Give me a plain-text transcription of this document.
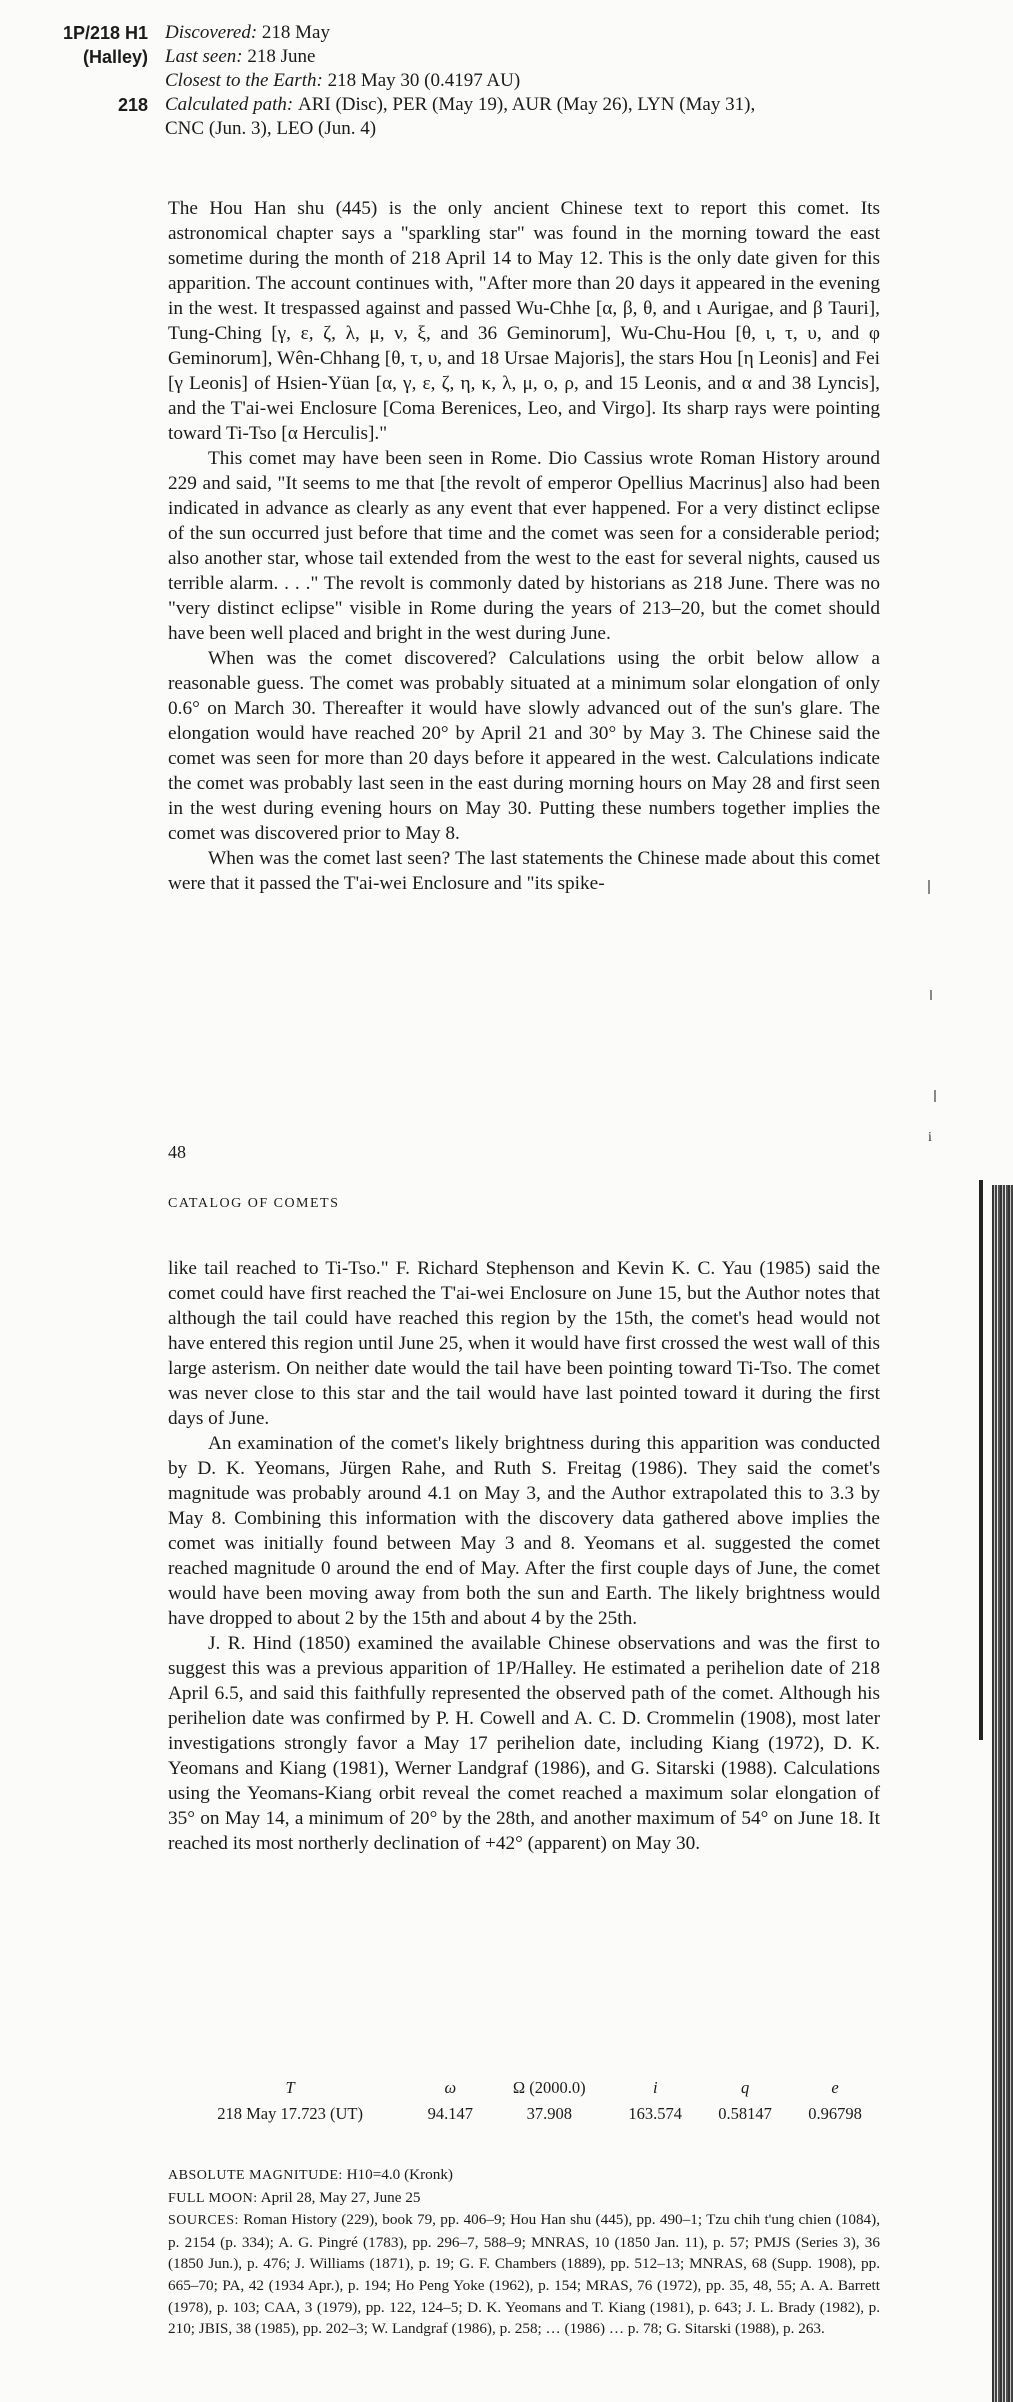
1P/218 H1 Discovered: 218 May
(Halley) Last seen: 218 June
Closest to the Earth: 218 May 30 (0.4197 AU)
218 Calculated path: ARI (Disc), PER (May 19), AUR (May 26), LYN (May 31),
CNC (Jun. 3), LEO (Jun. 4)

The Hou Han shu (445) is the only ancient Chinese text to report this comet. Its astronomical chapter says a "sparkling star" was found in the morning toward the east sometime during the month of 218 April 14 to May 12. This is the only date given for this apparition. The account continues with, "After more than 20 days it appeared in the evening in the west. It trespassed against and passed Wu-Chhe [α, β, θ, and ι Aurigae, and β Tauri], Tung-Ching [γ, ε, ζ, λ, μ, ν, ξ, and 36 Geminorum], Wu-Chu-Hou [θ, ι, τ, υ, and φ Geminorum], Wên-Chhang [θ, τ, υ, and 18 Ursae Majoris], the stars Hou [η Leonis] and Fei [γ Leonis] of Hsien-Yüan [α, γ, ε, ζ, η, κ, λ, μ, ο, ρ, and 15 Leonis, and α and 38 Lyncis], and the T'ai-wei Enclosure [Coma Berenices, Leo, and Virgo]. Its sharp rays were pointing toward Ti-Tso [α Herculis]."

This comet may have been seen in Rome. Dio Cassius wrote Roman History around 229 and said, "It seems to me that [the revolt of emperor Opellius Macrinus] also had been indicated in advance as clearly as any event that ever happened. For a very distinct eclipse of the sun occurred just before that time and the comet was seen for a considerable period; also another star, whose tail extended from the west to the east for several nights, caused us terrible alarm. . . ." The revolt is commonly dated by historians as 218 June. There was no "very distinct eclipse" visible in Rome during the years of 213–20, but the comet should have been well placed and bright in the west during June.

When was the comet discovered? Calculations using the orbit below allow a reasonable guess. The comet was probably situated at a minimum solar elongation of only 0.6° on March 30. Thereafter it would have slowly advanced out of the sun's glare. The elongation would have reached 20° by April 21 and 30° by May 3. The Chinese said the comet was seen for more than 20 days before it appeared in the west. Calculations indicate the comet was probably last seen in the east during morning hours on May 28 and first seen in the west during evening hours on May 30. Putting these numbers together implies the comet was discovered prior to May 8.

When was the comet last seen? The last statements the Chinese made about this comet were that it passed the T'ai-wei Enclosure and "its spike-

48
CATALOG OF COMETS

like tail reached to Ti-Tso." F. Richard Stephenson and Kevin K. C. Yau (1985) said the comet could have first reached the T'ai-wei Enclosure on June 15, but the Author notes that although the tail could have reached this region by the 15th, the comet's head would not have entered this region until June 25, when it would have first crossed the west wall of this large asterism. On neither date would the tail have been pointing toward Ti-Tso. The comet was never close to this star and the tail would have last pointed toward it during the first days of June.

An examination of the comet's likely brightness during this apparition was conducted by D. K. Yeomans, Jürgen Rahe, and Ruth S. Freitag (1986). They said the comet's magnitude was probably around 4.1 on May 3, and the Author extrapolated this to 3.3 by May 8. Combining this information with the discovery data gathered above implies the comet was initially found between May 3 and 8. Yeomans et al. suggested the comet reached magnitude 0 around the end of May. After the first couple days of June, the comet would have been moving away from both the sun and Earth. The likely brightness would have dropped to about 2 by the 15th and about 4 by the 25th.

J. R. Hind (1850) examined the available Chinese observations and was the first to suggest this was a previous apparition of 1P/Halley. He estimated a perihelion date of 218 April 6.5, and said this faithfully represented the observed path of the comet. Although his perihelion date was confirmed by P. H. Cowell and A. C. D. Crommelin (1908), most later investigations strongly favor a May 17 perihelion date, including Kiang (1972), D. K. Yeomans and Kiang (1981), Werner Landgraf (1986), and G. Sitarski (1988). Calculations using the Yeomans-Kiang orbit reveal the comet reached a maximum solar elongation of 35° on May 14, a minimum of 20° by the 28th, and another maximum of 54° on June 18. It reached its most northerly declination of +42° (apparent) on May 30.

T	ω	Ω (2000.0)	i	q	e
218 May 17.723 (UT)	94.147	37.908	163.574	0.58147	0.96798

ABSOLUTE MAGNITUDE: H10=4.0 (Kronk)

FULL MOON: April 28, May 27, June 25

SOURCES: Roman History (229), book 79, pp. 406–9; Hou Han shu (445), pp. 490–1; Tzu chih t'ung chien (1084), p. 2154 (p. 334); A. G. Pingré (1783), pp. 296–7, 588–9; MNRAS, 10 (1850 Jan. 11), p. 57; PMJS (Series 3), 36 (1850 Jun.), p. 476; J. Williams (1871), p. 19; G. F. Chambers (1889), pp. 512–13; MNRAS, 68 (Supp. 1908), pp. 665–70; PA, 42 (1934 Apr.), p. 194; Ho Peng Yoke (1962), p. 154; MRAS, 76 (1972), pp. 35, 48, 55; A. A. Barrett (1978), p. 103; CAA, 3 (1979), pp. 122, 124–5; D. K. Yeomans and T. Kiang (1981), p. 643; J. L. Brady (1982), p. 210; JBIS, 38 (1985), pp. 202–3; W. Landgraf (1986), p. 258; … (1986) … p. 78; G. Sitarski (1988), p. 263.

i
